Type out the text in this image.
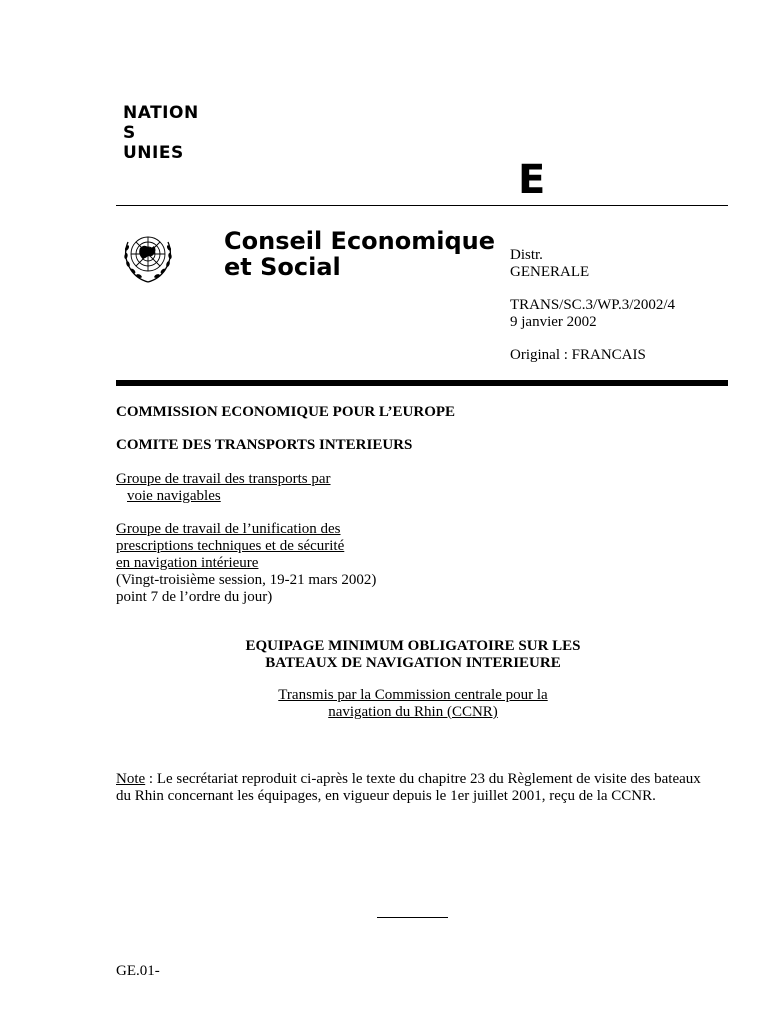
NATION
S
UNIES
E
Conseil Economique
et Social	Distr.
GENERALE
TRANS/SC.3/WP.3/2002/4
9 janvier 2002
Original : FRANCAIS
COMMISSION ECONOMIQUE POUR L’EUROPE
COMITE DES TRANSPORTS INTERIEURS
Groupe de travail des transports par
voie navigables
Groupe de travail de l’unification des
prescriptions techniques et de sécurité
en navigation intérieure
(Vingt-troisième session, 19-21 mars 2002)
point 7 de l’ordre du jour)
EQUIPAGE MINIMUM OBLIGATOIRE SUR LES
BATEAUX DE NAVIGATION INTERIEURE
Transmis par la Commission centrale pour la
navigation du Rhin (CCNR)
Note : Le secrétariat reproduit ci-après le texte du chapitre 23 du Règlement de visite des bateaux du Rhin concernant les équipages, en vigueur depuis le 1er juillet 2001, reçu de la CCNR.
GE.01-
